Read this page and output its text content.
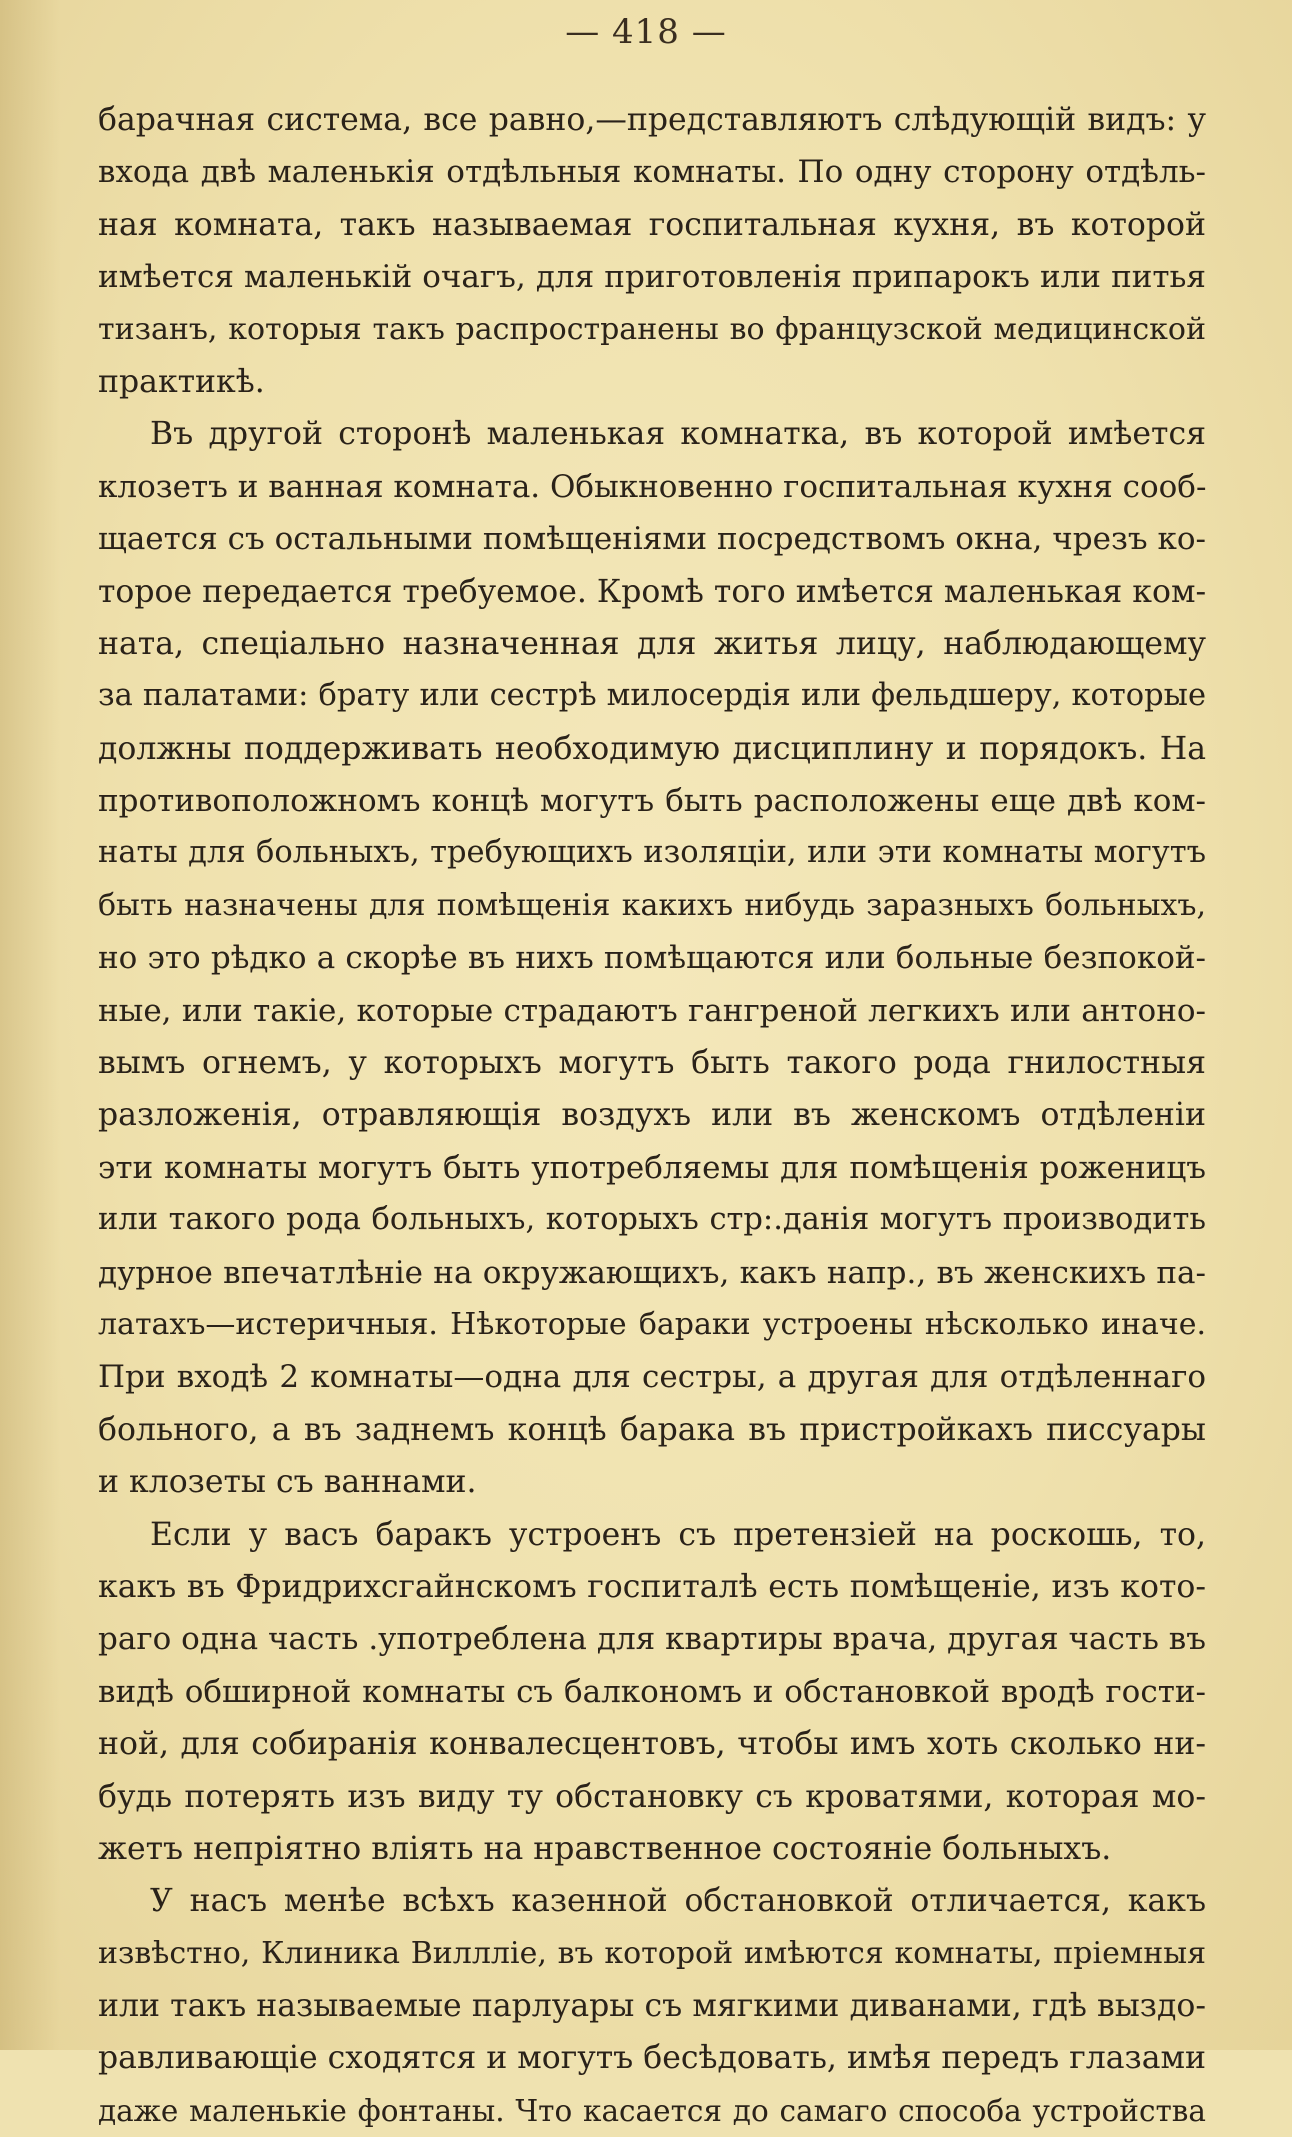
— 418 —
барачная система, все равно,—представляютъ слѣдующій видъ: у
входа двѣ маленькія отдѣльныя комнаты. По одну сторону отдѣль-
ная комната, такъ называемая госпитальная кухня, въ которой
имѣется маленькій очагъ, для приготовленія припарокъ или питья
тизанъ, которыя такъ распространены во французской медицинской
практикѣ.
Въ другой сторонѣ маленькая комнатка, въ которой имѣется
клозетъ и ванная комната. Обыкновенно госпитальная кухня сооб-
щается съ остальными помѣщеніями посредствомъ окна, чрезъ ко-
торое передается требуемое. Кромѣ того имѣется маленькая ком-
ната, спеціально назначенная для житья лицу, наблюдающему
за палатами: брату или сестрѣ милосердія или фельдшеру, которые
должны поддерживать необходимую дисциплину и порядокъ. На
противоположномъ концѣ могутъ быть расположены еще двѣ ком-
наты для больныхъ, требующихъ изоляціи, или эти комнаты могутъ
быть назначены для помѣщенія какихъ нибудь заразныхъ больныхъ,
но это рѣдко а скорѣе въ нихъ помѣщаются или больные безпокой-
ные, или такіе, которые страдаютъ гангреной легкихъ или антоно-
вымъ огнемъ, у которыхъ могутъ быть такого рода гнилостныя
разложенія, отравляющія воздухъ или въ женскомъ отдѣленіи
эти комнаты могутъ быть употребляемы для помѣщенія роженицъ
или такого рода больныхъ, которыхъ стр:.данія могутъ производить
дурное впечатлѣніе на окружающихъ, какъ напр., въ женскихъ па-
латахъ—истеричныя. Нѣкоторые бараки устроены нѣсколько иначе.
При входѣ 2 комнаты—одна для сестры, а другая для отдѣленнаго
больного, а въ заднемъ концѣ барака въ пристройкахъ писсуары
и клозеты съ ваннами.
Если у васъ баракъ устроенъ съ претензіей на роскошь, то,
какъ въ Фридрихсгайнскомъ госпиталѣ есть помѣщеніе, изъ кото-
раго одна часть .употреблена для квартиры врача, другая часть въ
видѣ обширной комнаты съ балкономъ и обстановкой вродѣ гости-
ной, для собиранія конвалесцентовъ, чтобы имъ хоть сколько ни-
будь потерять изъ виду ту обстановку съ кроватями, которая мо-
жетъ непріятно вліять на нравственное состояніе больныхъ.
У насъ менѣе всѣхъ казенной обстановкой отличается, какъ
извѣстно, Клиника Виллліе, въ которой имѣются комнаты, пріемныя
или такъ называемые парлуары съ мягкими диванами, гдѣ выздо-
равливающіе сходятся и могутъ бесѣдовать, имѣя передъ глазами
даже маленькіе фонтаны. Что касается до самаго способа устройства
